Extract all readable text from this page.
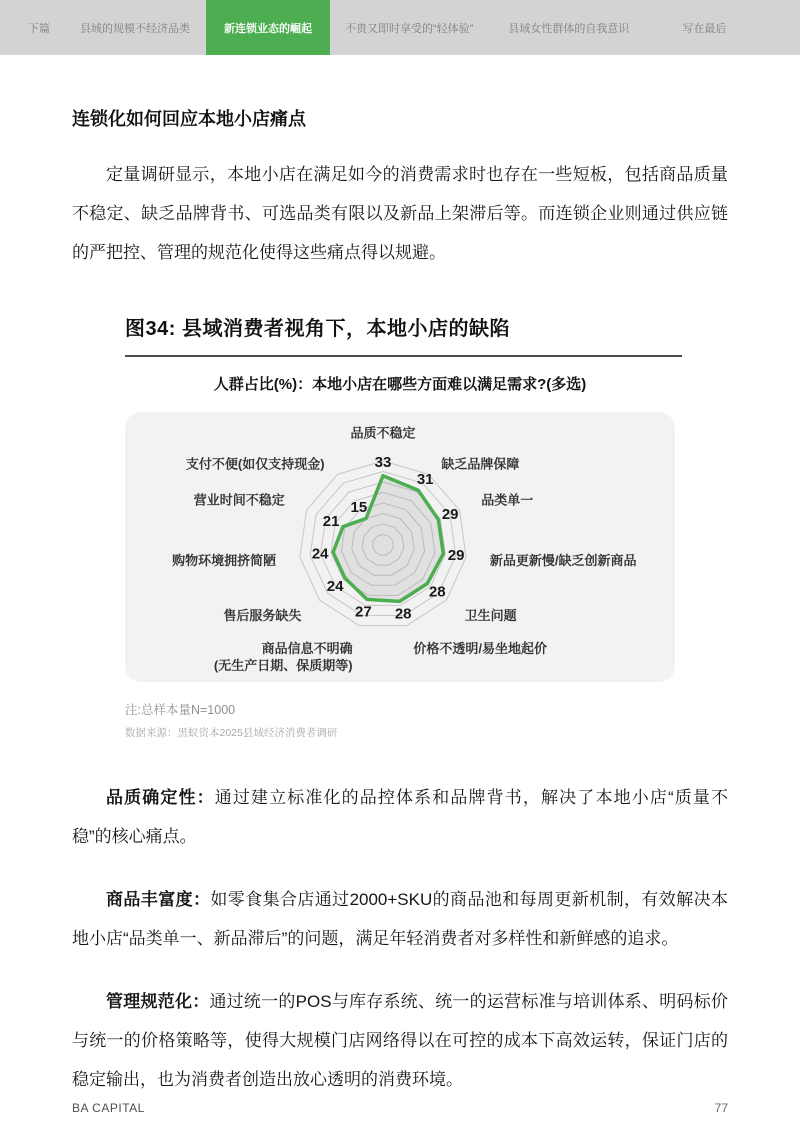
下篇	县域的规模不经济品类	新连锁业态的崛起	不贵又即时享受的“轻体验”	县域女性群体的自我意识	写在最后
连锁化如何回应本地小店痛点

定量调研显示，本地小店在满足如今的消费需求时也存在一些短板，包括商品质量不稳定、缺乏品牌背书、可选品类有限以及新品上架滞后等。而连锁企业则通过供应链的严把控、管理的规范化使得这些痛点得以规避。

图34: 县域消费者视角下，本地小店的缺陷
人群占比(%)：本地小店在哪些方面难以满足需求?(多选)
33
31
29
29
28
28
27
24
24
21
15
品质不稳定
缺乏品牌保障
品类单一
新品更新慢/缺乏创新商品
卫生问题
价格不透明/易坐地起价
商品信息不明确
(无生产日期、保质期等)
售后服务缺失
购物环境拥挤简陋
营业时间不稳定
支付不便(如仅支持现金)
注:总样本量N=1000
数据来源：黑蚁资本2025县域经济消费者调研

品质确定性：通过建立标准化的品控体系和品牌背书，解决了本地小店“质量不稳”的核心痛点。

商品丰富度：如零食集合店通过2000+SKU的商品池和每周更新机制，有效解决本地小店“品类单一、新品滞后”的问题，满足年轻消费者对多样性和新鲜感的追求。

管理规范化：通过统一的POS与库存系统、统一的运营标准与培训体系、明码标价与统一的价格策略等，使得大规模门店网络得以在可控的成本下高效运转，保证门店的稳定输出，也为消费者创造出放心透明的消费环境。

BA CAPITAL	77
